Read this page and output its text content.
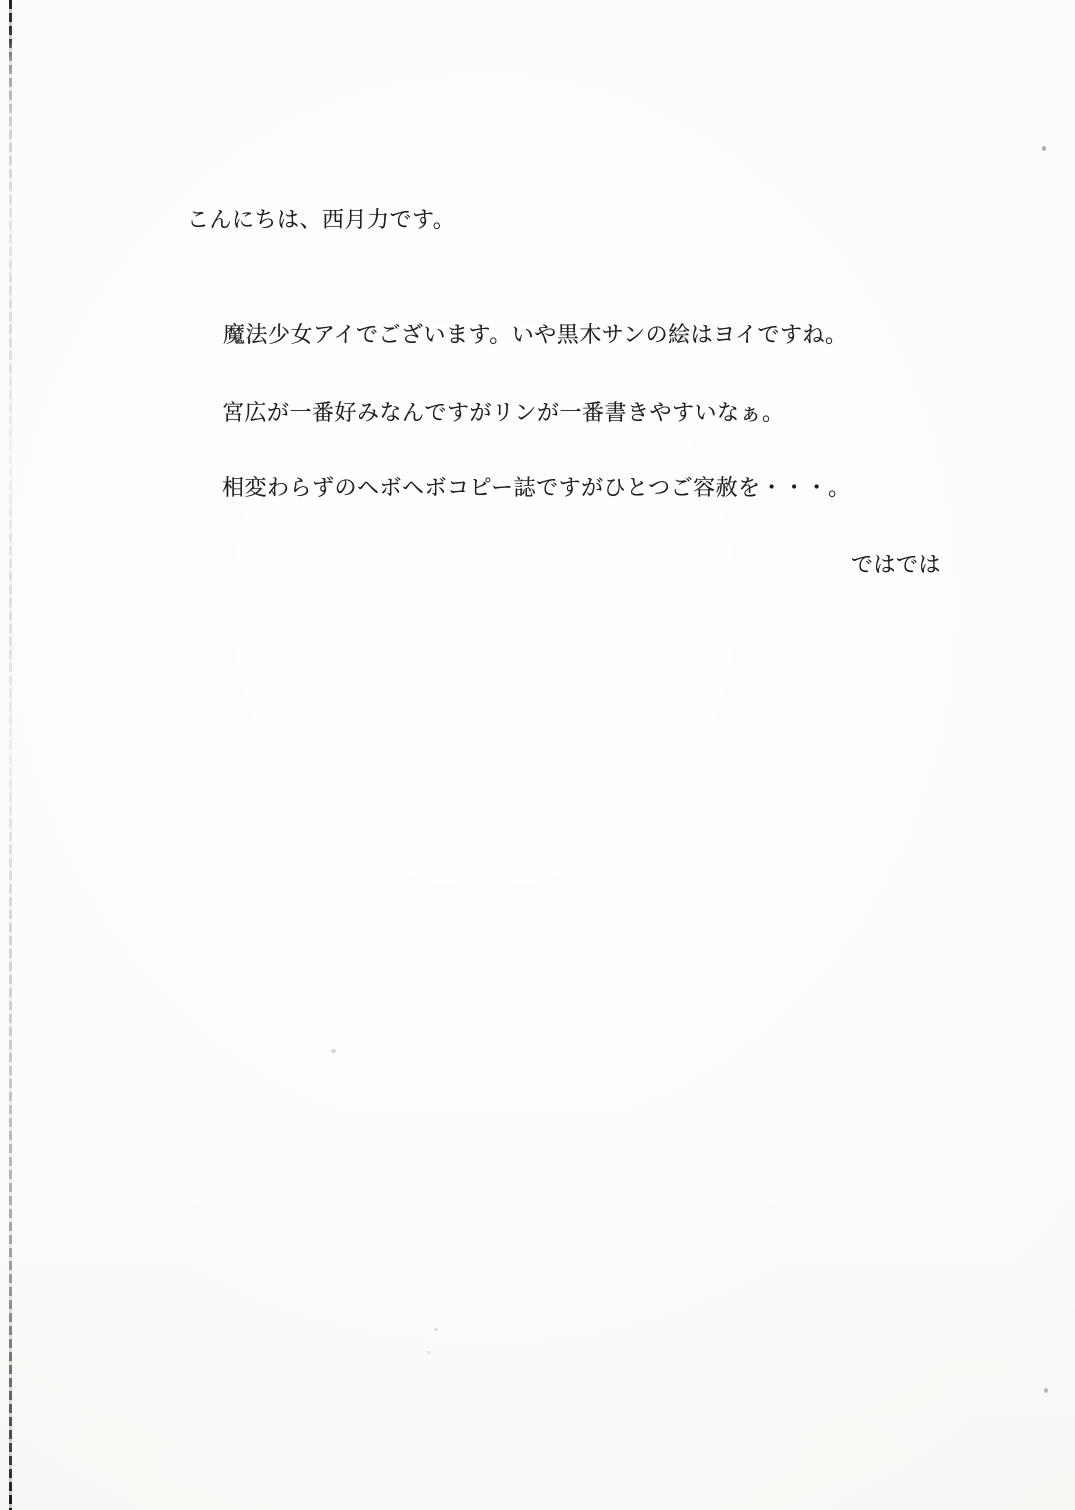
こんにちは、西月力です。
魔法少女アイでございます。いや黒木サンの絵はヨイですね。
宮広が一番好みなんですがリンが一番書きやすいなぁ。
相変わらずのヘボヘボコピー誌ですがひとつご容赦を・・・。
ではでは
